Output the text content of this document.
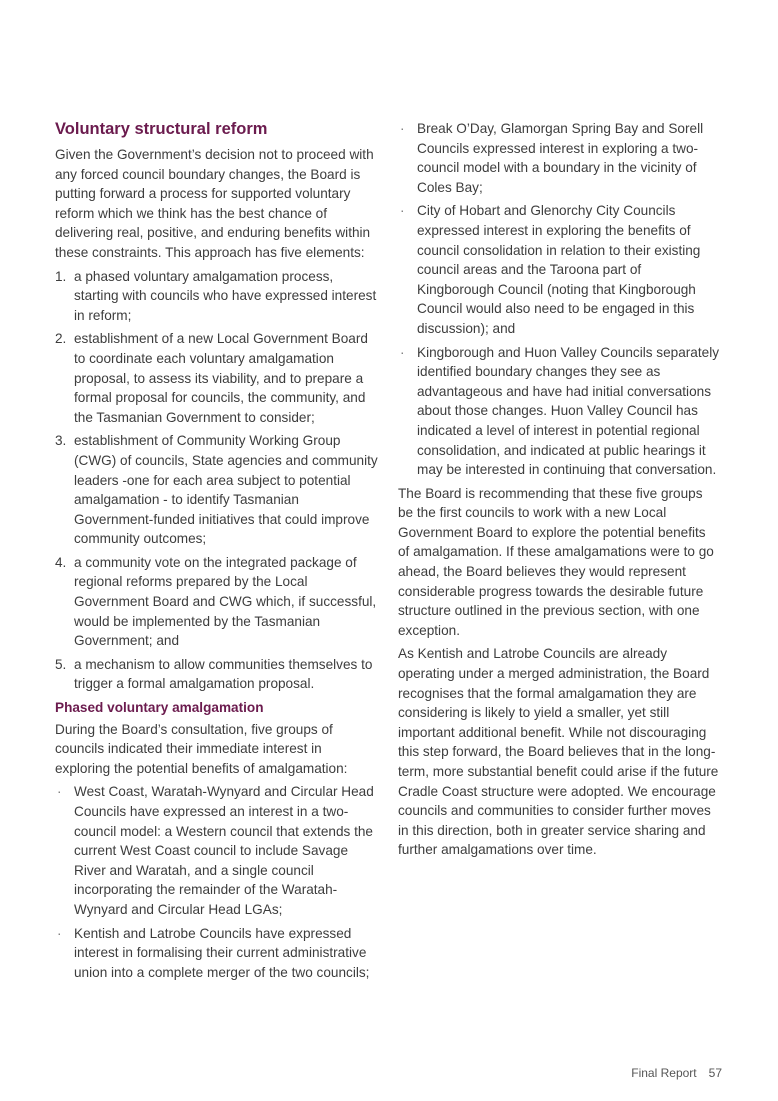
Voluntary structural reform

Given the Government’s decision not to proceed with any forced council boundary changes, the Board is putting forward a process for supported voluntary reform which we think has the best chance of delivering real, positive, and enduring benefits within these constraints. This approach has five elements:

1. a phased voluntary amalgamation process, starting with councils who have expressed interest in reform;
2. establishment of a new Local Government Board to coordinate each voluntary amalgamation proposal, to assess its viability, and to prepare a formal proposal for councils, the community, and the Tasmanian Government to consider;
3. establishment of Community Working Group (CWG) of councils, State agencies and community leaders -one for each area subject to potential amalgamation - to identify Tasmanian Government-funded initiatives that could improve community outcomes;
4. a community vote on the integrated package of regional reforms prepared by the Local Government Board and CWG which, if successful, would be implemented by the Tasmanian Government; and
5. a mechanism to allow communities themselves to trigger a formal amalgamation proposal.
Phased voluntary amalgamation

During the Board’s consultation, five groups of councils indicated their immediate interest in exploring the potential benefits of amalgamation:

· West Coast, Waratah-Wynyard and Circular Head Councils have expressed an interest in a two-council model: a Western council that extends the current West Coast council to include Savage River and Waratah, and a single council incorporating the remainder of the Waratah-Wynyard and Circular Head LGAs;
· Kentish and Latrobe Councils have expressed interest in formalising their current administrative union into a complete merger of the two councils;
· Break O’Day, Glamorgan Spring Bay and Sorell Councils expressed interest in exploring a two-council model with a boundary in the vicinity of Coles Bay;
· City of Hobart and Glenorchy City Councils expressed interest in exploring the benefits of council consolidation in relation to their existing council areas and the Taroona part of Kingborough Council (noting that Kingborough Council would also need to be engaged in this discussion); and
· Kingborough and Huon Valley Councils separately identified boundary changes they see as advantageous and have had initial conversations about those changes. Huon Valley Council has indicated a level of interest in potential regional consolidation, and indicated at public hearings it may be interested in continuing that conversation.

The Board is recommending that these five groups be the first councils to work with a new Local Government Board to explore the potential benefits of amalgamation. If these amalgamations were to go ahead, the Board believes they would represent considerable progress towards the desirable future structure outlined in the previous section, with one exception.

As Kentish and Latrobe Councils are already operating under a merged administration, the Board recognises that the formal amalgamation they are considering is likely to yield a smaller, yet still important additional benefit. While not discouraging this step forward, the Board believes that in the long-term, more substantial benefit could arise if the future Cradle Coast structure were adopted. We encourage councils and communities to consider further moves in this direction, both in greater service sharing and further amalgamations over time.

Final Report 57
